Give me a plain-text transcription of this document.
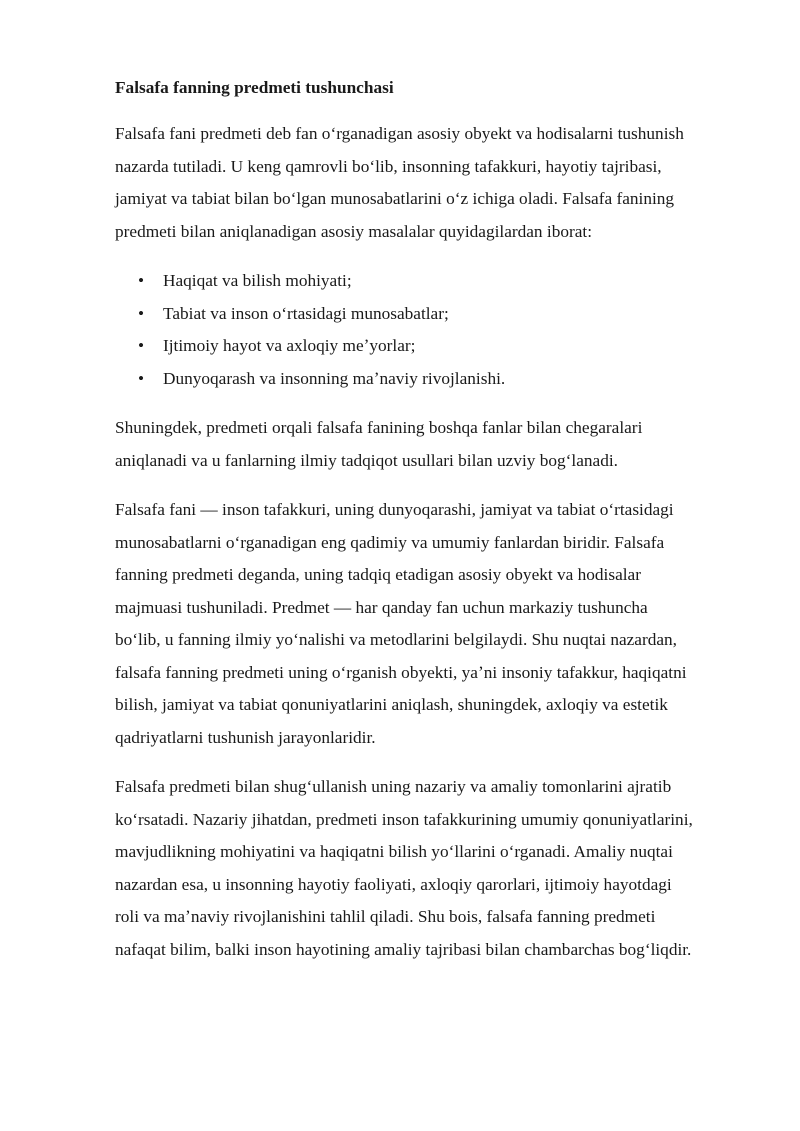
Falsafa fanning predmeti tushunchasi
Falsafa fani predmeti deb fan oʻrganadigan asosiy obyekt va hodisalarni tushunish nazarda tutiladi. U keng qamrovli boʻlib, insonning tafakkuri, hayotiy tajribasi, jamiyat va tabiat bilan boʻlgan munosabatlarini oʻz ichiga oladi. Falsafa fanining predmeti bilan aniqlanadigan asosiy masalalar quyidagilardan iborat:
• Haqiqat va bilish mohiyati;
• Tabiat va inson oʻrtasidagi munosabatlar;
• Ijtimoiy hayot va axloqiy meʼyorlar;
• Dunyoqarash va insonning maʼnaviy rivojlanishi.
Shuningdek, predmeti orqali falsafa fanining boshqa fanlar bilan chegaralari aniqlanadi va u fanlarning ilmiy tadqiqot usullari bilan uzviy bogʻlanadi.
Falsafa fani — inson tafakkuri, uning dunyoqarashi, jamiyat va tabiat oʻrtasidagi munosabatlarni oʻrganadigan eng qadimiy va umumiy fanlardan biridir. Falsafa fanning predmeti deganda, uning tadqiq etadigan asosiy obyekt va hodisalar majmuasi tushuniladi. Predmet — har qanday fan uchun markaziy tushuncha boʻlib, u fanning ilmiy yoʻnalishi va metodlarini belgilaydi. Shu nuqtai nazardan, falsafa fanning predmeti uning oʻrganish obyekti, yaʼni insoniy tafakkur, haqiqatni bilish, jamiyat va tabiat qonuniyatlarini aniqlash, shuningdek, axloqiy va estetik qadriyatlarni tushunish jarayonlaridir.
Falsafa predmeti bilan shugʻullanish uning nazariy va amaliy tomonlarini ajratib koʻrsatadi. Nazariy jihatdan, predmeti inson tafakkurining umumiy qonuniyatlarini, mavjudlikning mohiyatini va haqiqatni bilish yoʻllarini oʻrganadi. Amaliy nuqtai nazardan esa, u insonning hayotiy faoliyati, axloqiy qarorlari, ijtimoiy hayotdagi roli va maʼnaviy rivojlanishini tahlil qiladi. Shu bois, falsafa fanning predmeti nafaqat bilim, balki inson hayotining amaliy tajribasi bilan chambarchas bogʻliqdir.
